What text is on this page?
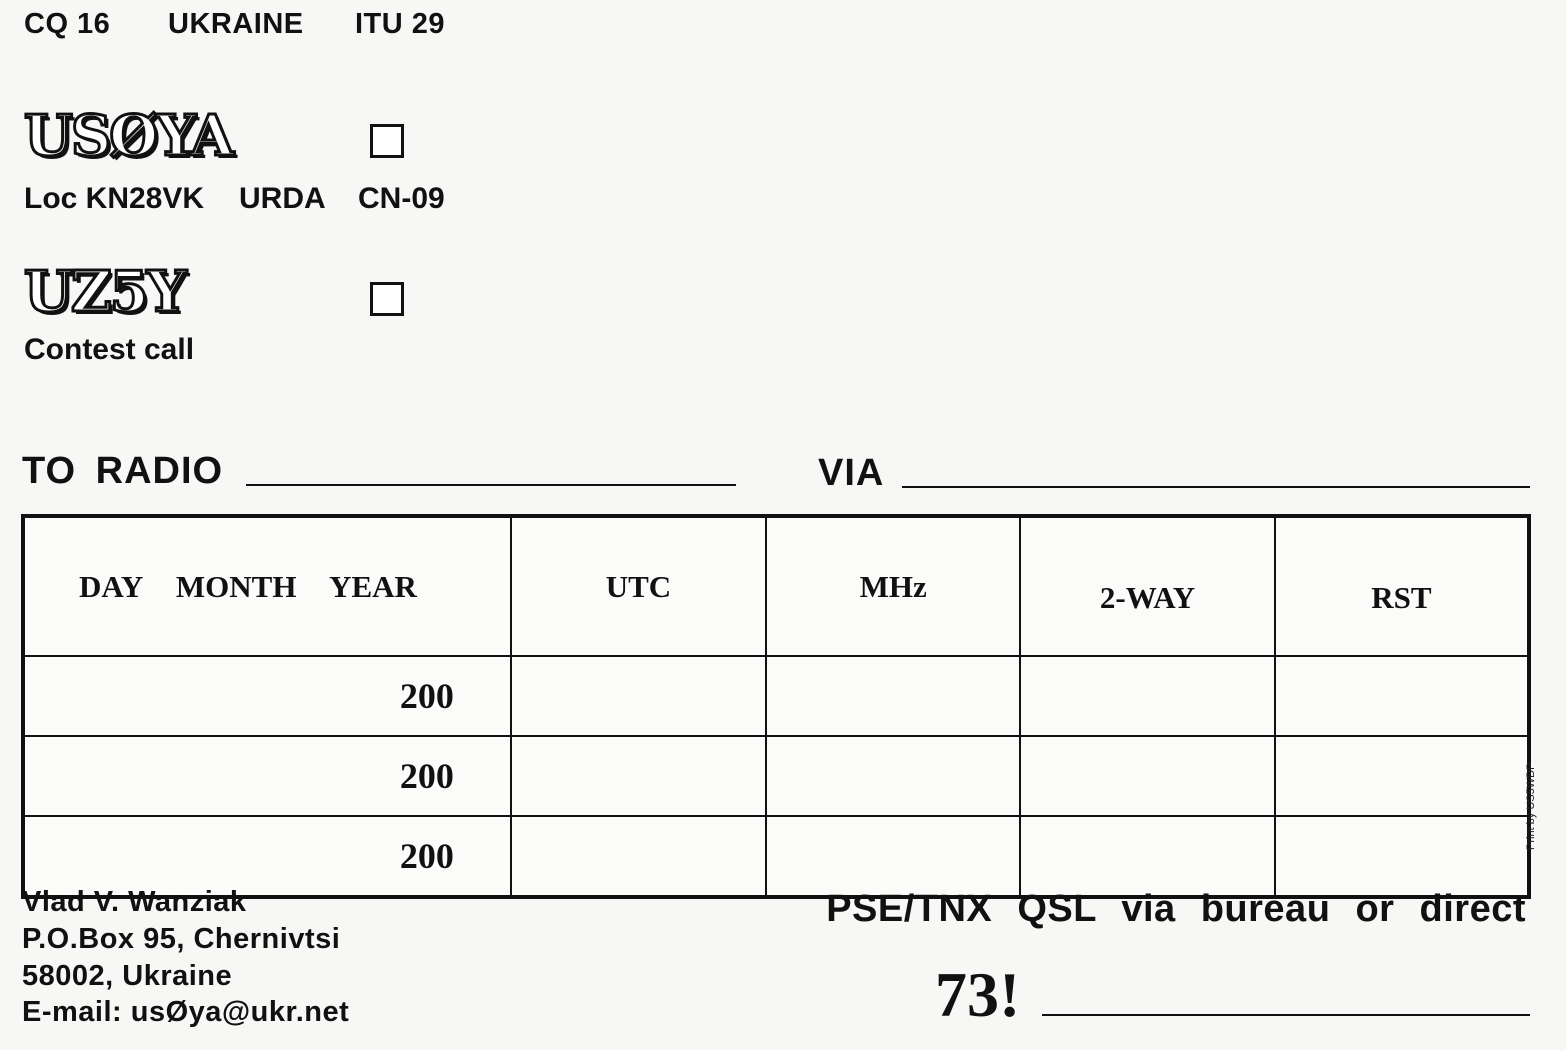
CQ 16 UKRAINE ITU 29
USØYA
Loc KN28VK URDA CN-09
UZ5Y
Contest call
TO RADIO	VIA
DAY MONTH YEAR	UTC	MHz	2-WAY	RST
200				
200				
200				
Print by US5WDP
Vlad V. Wanziak
P.O.Box 95, Chernivtsi
58002, Ukraine
E-mail: usØya@ukr.net
PSE/TNX QSL via bureau or direct
73!
